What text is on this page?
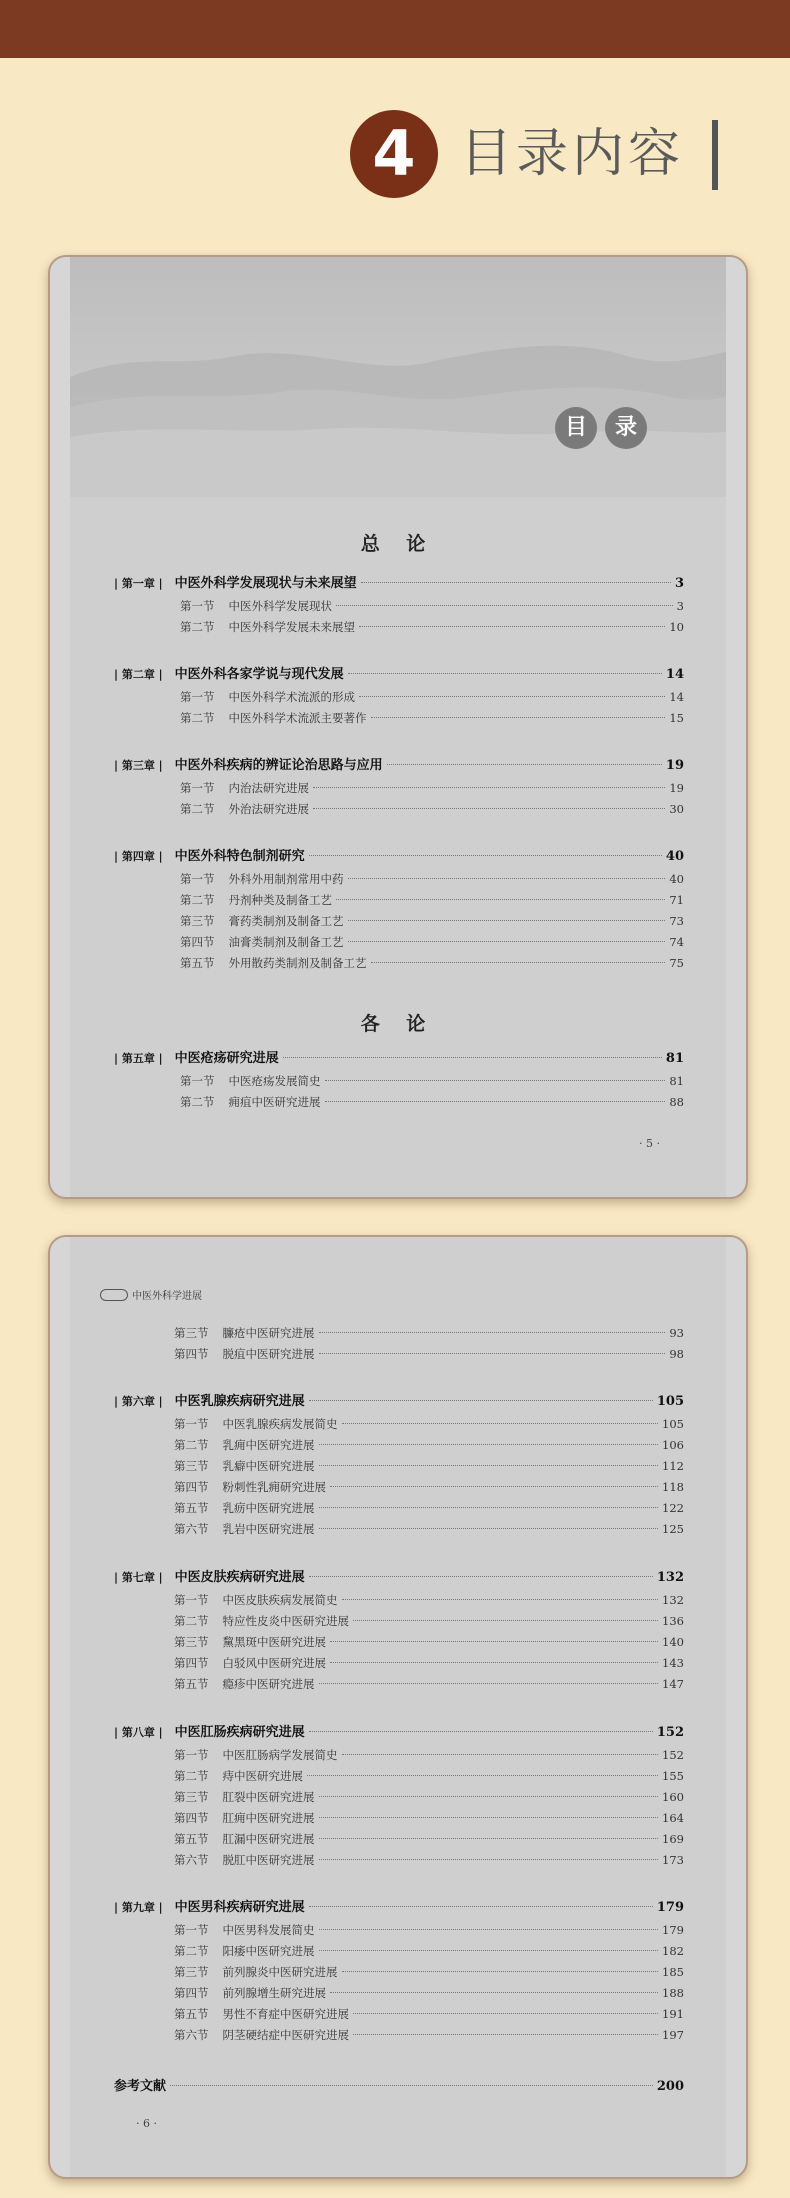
4 目录内容
目	录
总 论
各 论
| 第一章 | 中医外科学发展现状与未来展望	3
第一节 中医外科学发展现状	3
第二节 中医外科学发展未来展望	10
| 第二章 | 中医外科各家学说与现代发展	14
第一节 中医外科学术流派的形成	14
第二节 中医外科学术流派主要著作	15
| 第三章 | 中医外科疾病的辨证论治思路与应用	19
第一节 内治法研究进展	19
第二节 外治法研究进展	30
| 第四章 | 中医外科特色制剂研究	40
第一节 外科外用制剂常用中药	40
第二节 丹剂种类及制备工艺	71
第三节 膏药类制剂及制备工艺	73
第四节 油膏类制剂及制备工艺	74
第五节 外用散药类制剂及制备工艺	75
| 第五章 | 中医疮疡研究进展	81
第一节 中医疮疡发展简史	81
第二节 痈疽中医研究进展	88
· 5 ·
中医外科学进展
第三节 臁疮中医研究进展	93
第四节 脱疽中医研究进展	98
| 第六章 | 中医乳腺疾病研究进展	105
第一节 中医乳腺疾病发展简史	105
第二节 乳痈中医研究进展	106
第三节 乳癖中医研究进展	112
第四节 粉刺性乳痈研究进展	118
第五节 乳疬中医研究进展	122
第六节 乳岩中医研究进展	125
| 第七章 | 中医皮肤疾病研究进展	132
第一节 中医皮肤疾病发展简史	132
第二节 特应性皮炎中医研究进展	136
第三节 黧黑斑中医研究进展	140
第四节 白驳风中医研究进展	143
第五节 瘾疹中医研究进展	147
| 第八章 | 中医肛肠疾病研究进展	152
第一节 中医肛肠病学发展简史	152
第二节 痔中医研究进展	155
第三节 肛裂中医研究进展	160
第四节 肛痈中医研究进展	164
第五节 肛漏中医研究进展	169
第六节 脱肛中医研究进展	173
| 第九章 | 中医男科疾病研究进展	179
第一节 中医男科发展简史	179
第二节 阳痿中医研究进展	182
第三节 前列腺炎中医研究进展	185
第四节 前列腺增生研究进展	188
第五节 男性不育症中医研究进展	191
第六节 阴茎硬结症中医研究进展	197
参考文献	200
· 6 ·
